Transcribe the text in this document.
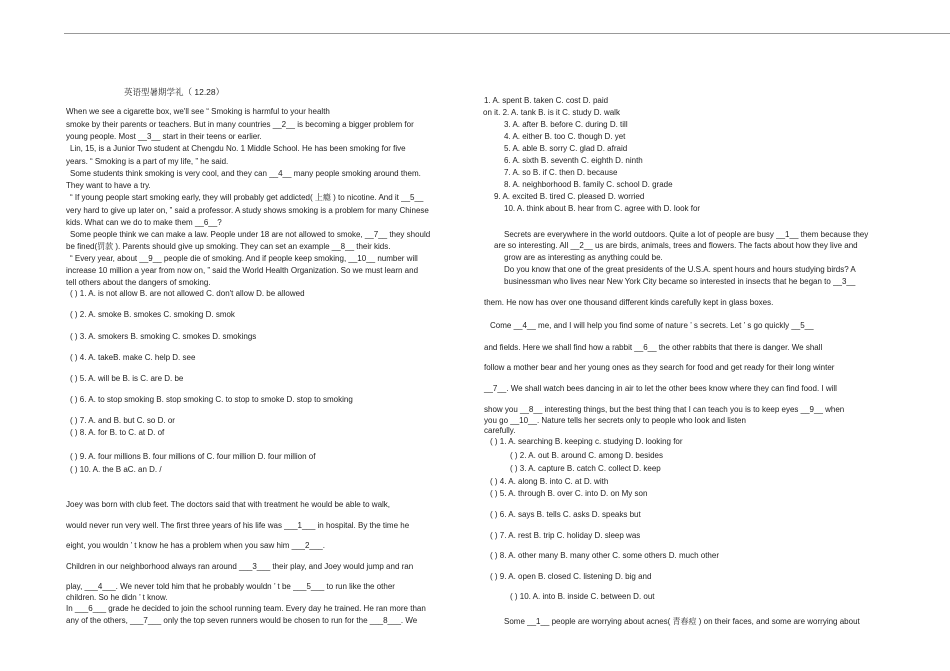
英语型暑期学礼（ 12.28）
When we see a cigarette box, we'll see “ Smoking is harmful to your health
smoke by their parents or teachers. But in many countries __2__ is becoming a bigger problem for
young people. Most __3__ start in their teens or earlier.
Lin, 15, is a Junior Two student at Chengdu No. 1 Middle School. He has been smoking for five
years. “ Smoking is a part of my life, ” he said.
Some students think smoking is very cool, and they can __4__ many people smoking around them.
They want to have a try.
“ If young people start smoking early, they will probably get addicted( 上瘾 ) to nicotine. And it __5__
very hard to give up later on, ” said a professor. A study shows smoking is a problem for many Chinese
kids. What can we do to make them __6__?
Some people think we can make a law. People under 18 are not allowed to smoke, __7__ they should
be fined(罚款 ). Parents should give up smoking. They can set an example __8__ their kids.
“ Every year, about __9__ people die of smoking. And if people keep smoking, __10__ number will
increase 10 million a year from now on, ” said the World Health Organization. So we must learn and
tell others about the dangers of smoking.
( ) 1. A. is not allow B. are not allowed C. don't allow D. be allowed
( ) 2. A. smoke B. smokes C. smoking D. smok
( ) 3. A. smokers B. smoking C. smokes D. smokings
( ) 4. A. takeB. make C. help D. see
( ) 5. A. will be B. is C. are D. be
( ) 6. A. to stop smoking B. stop smoking C. to stop to smoke D. stop to smoking
( ) 7. A. and B. but C. so D. or
( ) 8. A. for B. to C. at D. of
( ) 9. A. four millions B. four millions of C. four million D. four million of
( ) 10. A. the B aC. an D. /
Joey was born with club feet. The doctors said that with treatment he would be able to walk,
would never run very well. The first three years of his life was ___1___ in hospital. By the time he
eight, you wouldn ’ t know he has a problem when you saw him ___2___.
Children in our neighborhood always ran around ___3___ their play, and Joey would jump and ran
play, ___4___. We never told him that he probably wouldn ’ t be ___5___ to run like the other
children. So he didn ’ t know.
In ___6___ grade he decided to join the school running team. Every day he trained. He ran more than
any of the others, ___7___ only the top seven runners would be chosen to run for the ___8___. We
1. A. spent B. taken C. cost D. paid
on it. 2. A. tank B. is it C. study D. walk
3. A. after B. before C. during D. till
4. A. either B. too C. though D. yet
5. A. able B. sorry C. glad D. afraid
6. A. sixth B. seventh C. eighth D. ninth
7. A. so B. if C. then D. because
8. A. neighborhood B. family C. school D. grade
9. A. excited B. tired C. pleased D. worried
10. A. think about B. hear from C. agree with D. look for
Secrets are everywhere in the world outdoors. Quite a lot of people are busy __1__ them because they
are so interesting. All __2__ us are birds, animals, trees and flowers. The facts about how they live and
grow are as interesting as anything could be.
Do you know that one of the great presidents of the U.S.A. spent hours and hours studying birds? A
businessman who lives near New York City became so interested in insects that he began to __3__
them. He now has over one thousand different kinds carefully kept in glass boxes.
Come __4__ me, and I will help you find some of nature ’ s secrets. Let ’ s go quickly __5__
and fields. Here we shall find how a rabbit __6__ the other rabbits that there is danger. We shall
follow a mother bear and her young ones as they search for food and get ready for their long winter
__7__. We shall watch bees dancing in air to let the other bees know where they can find food. I will
show you __8__ interesting things, but the best thing that I can teach you is to keep eyes __9__ when
you go __10__. Nature tells her secrets only to people who look and listen
carefully.
( ) 1. A. searching B. keeping c. studying D. looking for
( ) 2. A. out B. around C. among D. besides
( ) 3. A. capture B. catch C. collect D. keep
( ) 4. A. along B. into C. at D. with
( ) 5. A. through B. over C. into D. on My son
( ) 6. A. says B. tells C. asks D. speaks but
( ) 7. A. rest B. trip C. holiday D. sleep was
( ) 8. A. other many B. many other C. some others D. much other
( ) 9. A. open B. closed C. listening D. big and
( ) 10. A. into B. inside C. between D. out
Some __1__ people are worrying about acnes( 青春痘 ) on their faces, and some are worrying about
